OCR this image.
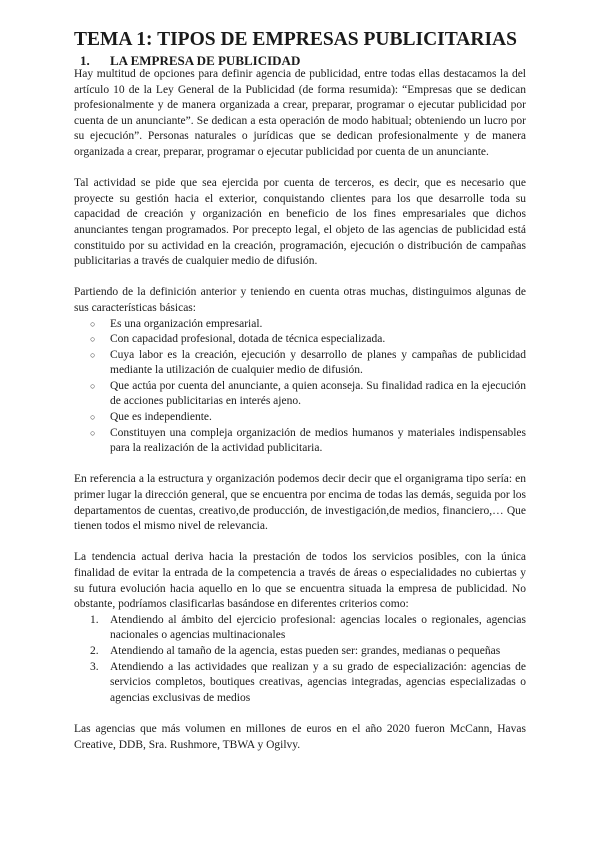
TEMA 1: TIPOS DE EMPRESAS PUBLICITARIAS
1. LA EMPRESA DE PUBLICIDAD

Hay multitud de opciones para definir agencia de publicidad, entre todas ellas destacamos la del artículo 10 de la Ley General de la Publicidad (de forma resumida): “Empresas que se dedican profesionalmente y de manera organizada a crear, preparar, programar o ejecutar publicidad por cuenta de un anunciante”. Se dedican a esta operación de modo habitual; obteniendo un lucro por su ejecución”. Personas naturales o jurídicas que se dedican profesionalmente y de manera organizada a crear, preparar, programar o ejecutar publicidad por cuenta de un anunciante.

Tal actividad se pide que sea ejercida por cuenta de terceros, es decir, que es necesario que proyecte su gestión hacia el exterior, conquistando clientes para los que desarrolle toda su capacidad de creación y organización en beneficio de los fines empresariales que dichos anunciantes tengan programados. Por precepto legal, el objeto de las agencias de publicidad está constituido por su actividad en la creación, programación, ejecución o distribución de campañas publicitarias a través de cualquier medio de difusión.

Partiendo de la definición anterior y teniendo en cuenta otras muchas, distinguimos algunas de sus características básicas:

○ Es una organización empresarial.
○ Con capacidad profesional, dotada de técnica especializada.
○ Cuya labor es la creación, ejecución y desarrollo de planes y campañas de publicidad mediante la utilización de cualquier medio de difusión.
○ Que actúa por cuenta del anunciante, a quien aconseja. Su finalidad radica en la ejecución de acciones publicitarias en interés ajeno.
○ Que es independiente.
○ Constituyen una compleja organización de medios humanos y materiales indispensables para la realización de la actividad publicitaria.

En referencia a la estructura y organización podemos decir decir que el organigrama tipo sería: en primer lugar la dirección general, que se encuentra por encima de todas las demás, seguida por los departamentos de cuentas, creativo,de producción, de investigación,de medios, financiero,… Que tienen todos el mismo nivel de relevancia.

La tendencia actual deriva hacia la prestación de todos los servicios posibles, con la única finalidad de evitar la entrada de la competencia a través de áreas o especialidades no cubiertas y su futura evolución hacia aquello en lo que se encuentra situada la empresa de publicidad. No obstante, podríamos clasificarlas basándose en diferentes criterios como:

1. Atendiendo al ámbito del ejercicio profesional: agencias locales o regionales, agencias nacionales o agencias multinacionales
2. Atendiendo al tamaño de la agencia, estas pueden ser: grandes, medianas o pequeñas
3. Atendiendo a las actividades que realizan y a su grado de especialización: agencias de servicios completos, boutiques creativas, agencias integradas, agencias especializadas o agencias exclusivas de medios

Las agencias que más volumen en millones de euros en el año 2020 fueron McCann, Havas Creative, DDB, Sra. Rushmore, TBWA y Ogilvy.
